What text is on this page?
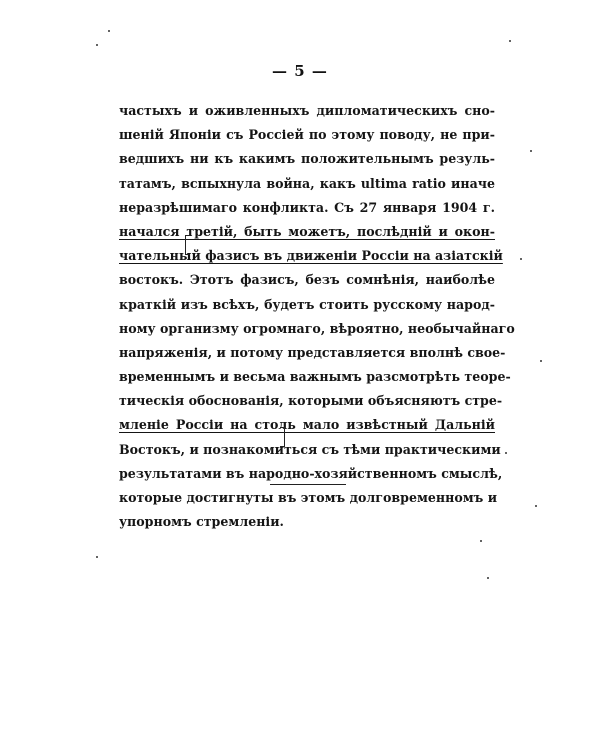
— 5 —
частыхъ и оживленныхъ дипломатическихъ сно-
шеній Японіи съ Россіей по этому поводу, не при-
ведшихъ ни къ какимъ положительнымъ резуль-
татамъ, вспыхнула война, какъ ultima ratio иначе
неразрѣшимаго конфликта. Съ 27 января 1904 г.
начался третій, быть можетъ, послѣдній и окон-
чательный фазисъ въ движеніи Россіи на азіатскій
востокъ. Этотъ фазисъ, безъ сомнѣнія, наиболѣе
краткій изъ всѣхъ, будетъ стоить русскому народ-
ному организму огромнаго, вѣроятно, необычайнаго
напряженія, и потому представляется вполнѣ свое-
временнымъ и весьма важнымъ разсмотрѣть теоре-
тическія обоснованія, которыми объясняютъ стре-
мленіе Россіи на столь мало извѣстный Дальній
Востокъ, и познакомиться съ тѣми практическими
результатами въ народно-хозяйственномъ смыслѣ,
которые достигнуты въ этомъ долговременномъ и
упорномъ стремленіи.
